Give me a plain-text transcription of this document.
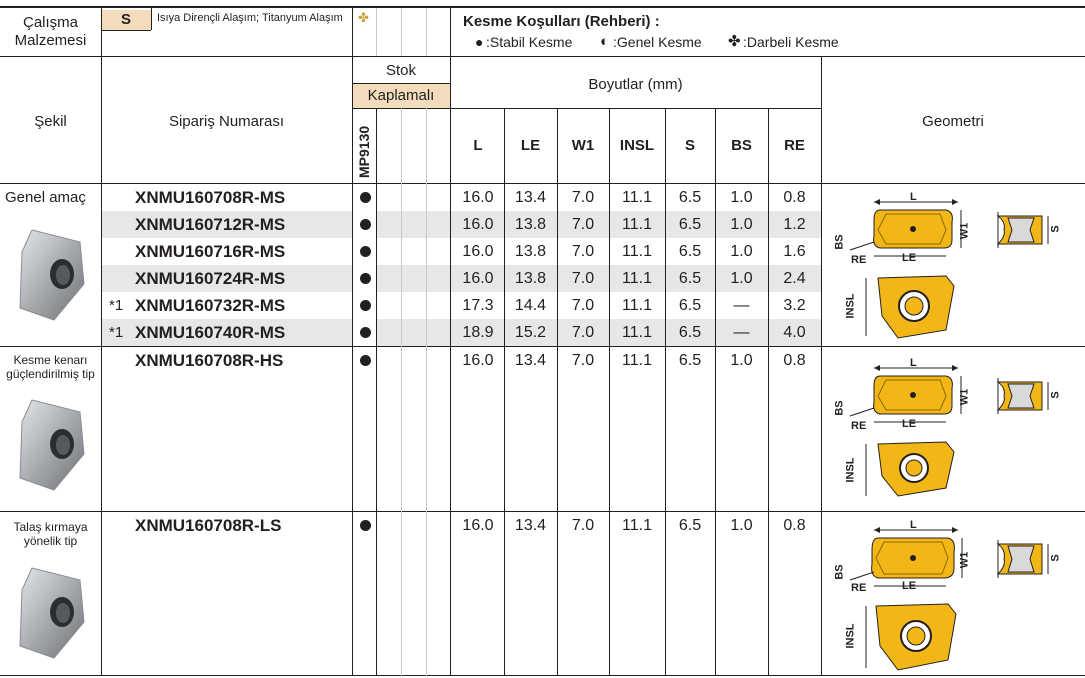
S
Çalışma
Malzemesi
Isıya Dirençli Alaşım; Titanyum Alaşım ✤	Kesme Koşulları (Rehberi) :
● :Stabil Kesme ◐ :Genel Kesme ✤ :Darbeli Kesme
Stok
Kaplamalı
MP9130
Şekil	Sipariş Numarası
Boyutlar (mm)
Geometri
L	LE	W1	INSL	S	BS	RE
Genel amaç
Kesme kenarı
güçlendirilmiş tip
Talaş kırmaya
yönelik tip
XNMU160708R-MS	16.0	13.4	7.0	11.1	6.5	1.0	0.8
XNMU160712R-MS	16.0	13.8	7.0	11.1	6.5	1.0	1.2
XNMU160716R-MS	16.0	13.8	7.0	11.1	6.5	1.0	1.6
XNMU160724R-MS	16.0	13.8	7.0	11.1	6.5	1.0	2.4
*1 XNMU160732R-MS	17.3	14.4	7.0	11.1	6.5	—	3.2
*1 XNMU160740R-MS	18.9	15.2	7.0	11.1	6.5	—	4.0
XNMU160708R-HS	16.0	13.4	7.0	11.1	6.5	1.0	0.8
XNMU160708R-LS	16.0	13.4	7.0	11.1	6.5	1.0	0.8
L
W1	S
BS
RE	LE
INSL
L
W1	S
BS
RE	LE
INSL
L
W1	S
BS
RE	LE
INSL
